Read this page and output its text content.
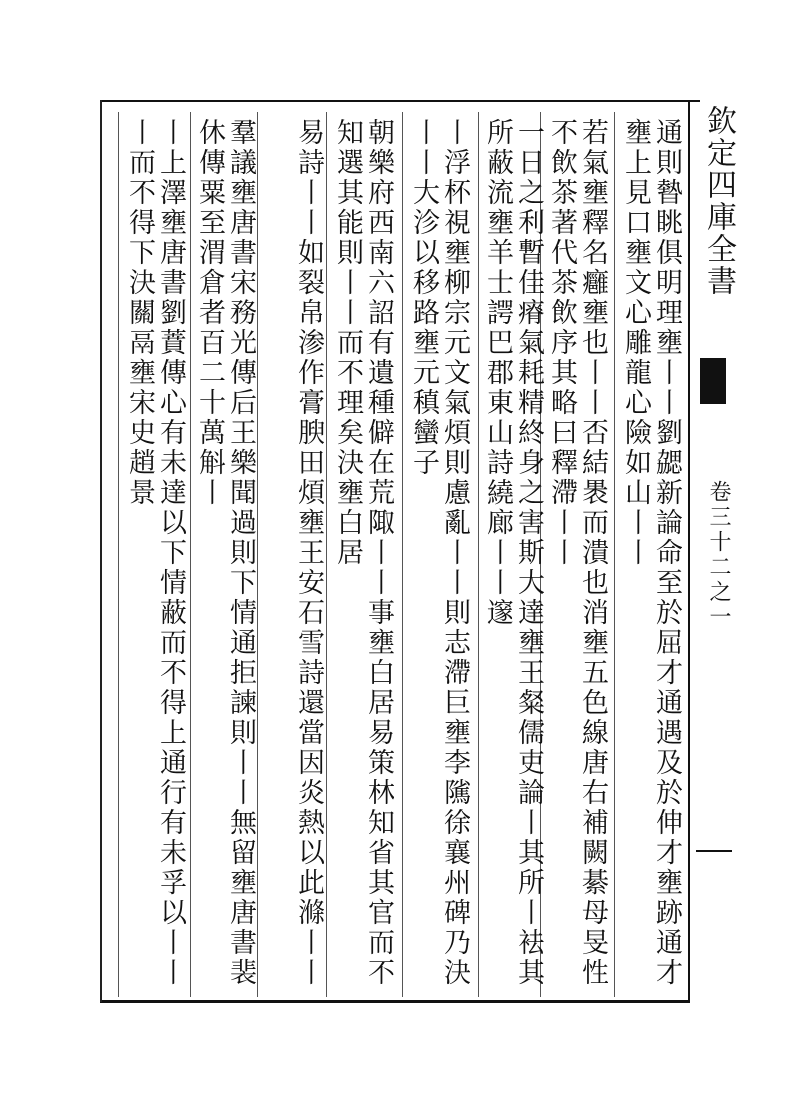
欽定四庫全書
卷三十二之一
通則暬眺俱明理壅丨丨劉勰新論命至於屈才通遇及於伸才壅跡通才壅上見口壅文心雕龍心險如山丨丨
若氣壅釋名癰壅也丨丨否結褁而潰也消壅五色線唐右補闕綦母旻性不飲茶著代茶飲序其略曰釋滯丨丨
一日之利暫佳瘠氣耗精終身之害斯大達壅王粲儒吏論丨其所丨袪其所蔽流壅羊士諤巴郡東山詩繞廊丨丨邃
丨浮杯視壅柳宗元文氣煩則慮亂丨丨則志滯巨壅李隲徐襄州碑乃決丨丨大沴以移路壅元稹蠻子
朝樂府西南六詔有遺種僻在荒陬丨丨事壅白居易策林知省其官而不知選其能則丨丨而不理矣決壅白居
易詩丨丨如裂帛渗作膏腴田煩壅王安石雪詩還當因炎熱以此滌丨丨
羣議壅唐書宋務光傳后王樂聞過則下情通拒諫則丨丨無留壅唐書裴休傳粟至渭倉者百二十萬斛丨
丨上澤壅唐書劉蕡傳心有未達以下情蔽而不得上通行有未孚以丨丨丨而不得下決關鬲壅宋史趙景
